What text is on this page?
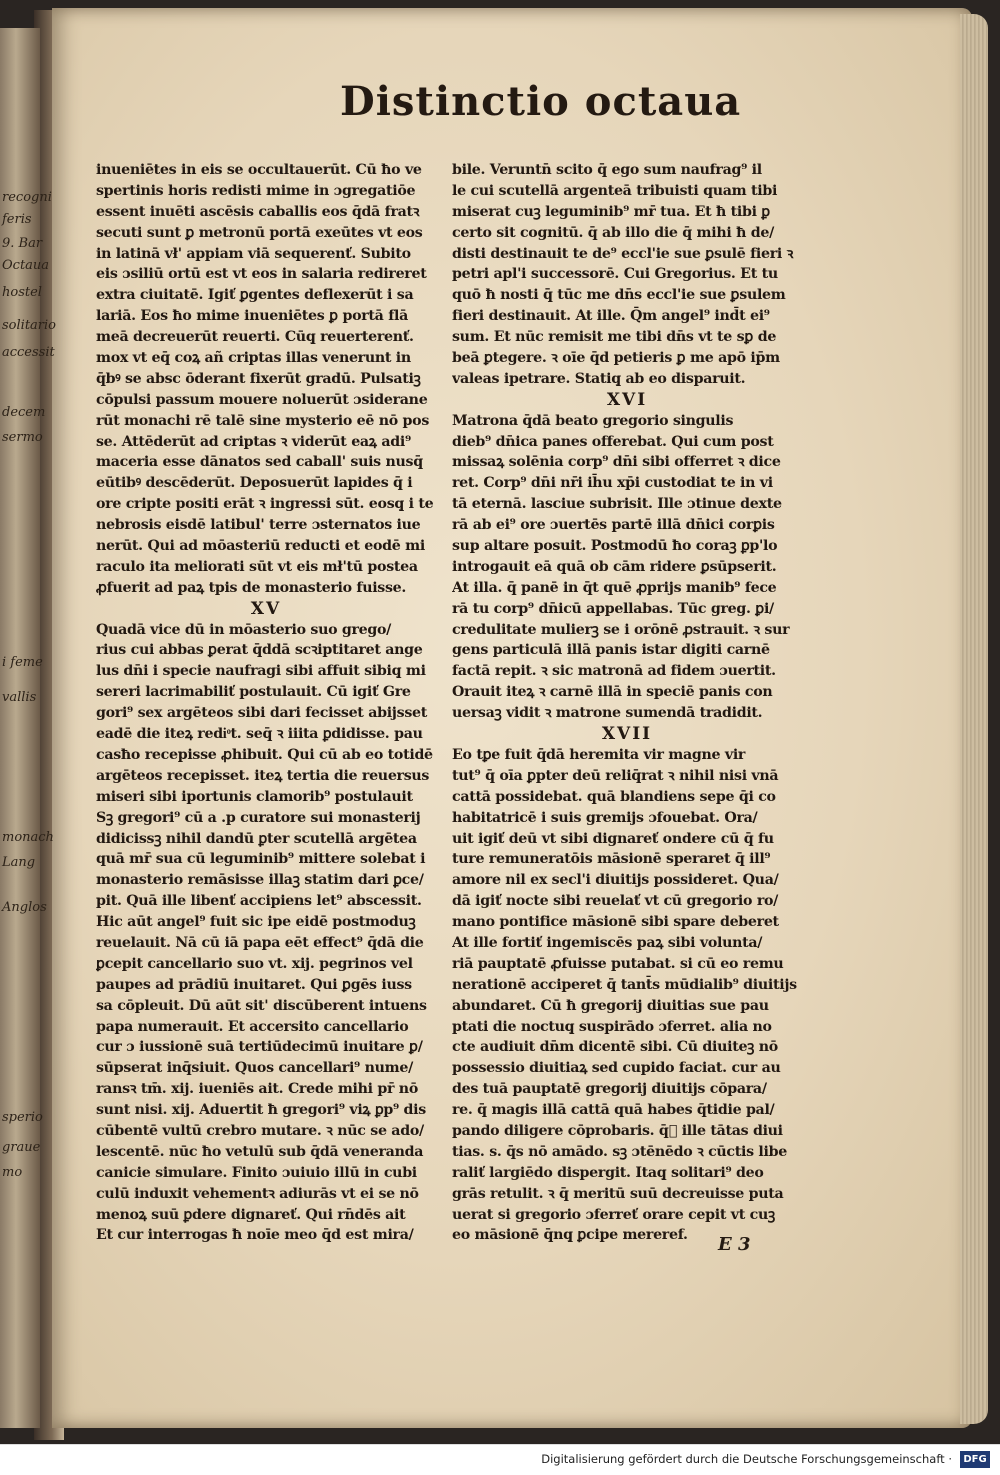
Distinctio octaua
inueniētes in eis se occultauerūt. Cū ħo ve
spertinis horis redisti mime in ɔgregatiōe
essent inuēti ascēsis caballis eos q̄dā fratꝛ
secuti sunt ꝑ metronū portā exeūtes vt eos
in latinā vł' appiam viā sequerenť. Subito
eis ɔsiliū ortū est vt eos in salaria redireret
extra ciuitatē. Igiť ꝑgentes deflexerūt i sa
lariā. Eos ħo mime inueniētes ꝑ portā flā
meā decreuerūt reuerti. Cūq̧ reuerterenť.
mox vt eq̄ coꝝ añ criptas illas venerunt in
q̄bꝰ se absc ōderant fixerūt gradū. Pulsatiꝫ
cōpulsi passum mouere noluerūt ɔsiderane
rūt monachi rē talē sine mysterio eē nō pos
se. Attēderūt ad criptas ꝛ viderūt eaꝝ adi⁹
maceria esse dānatos sed caball' suis nusq̄
eūtibꝰ descēderūt. Deposuerūt lapides q̄ i
ore cripte positi erāt ꝛ ingressi sūt. eosq̧ i te
nebrosis eisdē latibul' terre ɔsternatos iue
nerūt. Qui ad mōasteriū reducti et eodē mi
raculo ita meliorati sūt vt eis mł'tū postea
ꝓfuerit ad paꝝ tpis de monasterio fuisse.
XV
Quadā vice dū in mōasterio suo grego/
rius cui abbas ꝑerat q̄ddā scꝛiptitaret ange
lus dn̄i i specie naufragi sibi affuit sibiq̧ mi
sereri lacrimabiliť postulauit. Cū igiť Gre
gori⁹ sex argēteos sibi dari fecisset abijsset
eadē die iteꝝ rediͦt. seq̄ ꝛ iiita ꝑdidisse. pau
casħo recepisse ꝓhibuit. Qui cū ab eo totidē
argēteos recepisset. iteꝝ tertia die reuersus
miseri sibi iportunis clamorib⁹ postulauit
Sꝫ gregori⁹ cū a .p curatore sui monasterij
didicissꝫ nihil dandū ꝑter scutellā argētea
quā mr̄ sua cū leguminib⁹ mittere solebat i
monasterio remāsisse illaꝫ statim dari ꝑce/
pit. Quā ille libenť accipiens let⁹ abscessit.
Hic aūt angel⁹ fuit sic ipe eidē postmoduꝫ
reuelauit. Nā cū iā papa eēt effect⁹ q̄dā die
ꝑcepit cancellario suo vt. xij. pegrinos vel
paupes ad prādiū inuitaret. Qui ꝑgēs iuss
sa cōpleuit. Dū aūt sit' discūberent intuens
papa numerauit. Et accersito cancellario
cur ɔ iussionē suā tertiūdecimū inuitare ꝑ/
sūpserat inq̄siuit. Quos cancellari⁹ nume/
ransꝛ tm̄. xij. iueniēs ait. Crede mihi pr̄ nō
sunt nisi. xij. Aduertit ħ gregori⁹ viꝝ ꝑp⁹ dis
cūbentē vultū crebro mutare. ꝛ nūc se ado/
lescentē. nūc ħo vetulū sub q̄dā veneranda
canicie simulare. Finito ɔuiuio illū in cubi
culū induxit vehementꝛ adiurās vt ei se nō
menoꝝ suū ꝑdere dignareť. Qui rn̄dēs ait
Et cur interrogas ħ noīe meo q̄d est mira/
bile. Veruntn̄ scito q̄ ego sum naufrag⁹ il
le cui scutellā argenteā tribuisti quam tibi
miserat cuꝫ leguminib⁹ mr̄ tua. Et ħ tibi ꝑ
certo sit cognitū. q̄ ab illo die q̄ mihi ħ de/
disti destinauit te de⁹ eccl'ie sue ꝑsulē fieri ꝛ
petri apl'i successorē. Cui Gregorius. Et tu
quō ħ nosti q̄ tūc me dn̄s eccl'ie sue ꝑsulem
fieri destinauit. At ille. Q̄m angel⁹ ind̄t ei⁹
sum. Et nūc remisit me tibi dn̄s vt te sꝑ de
beā ꝑtegere. ꝛ oīe q̄d petieris ꝑ me apō ip̄m
valeas ipetrare. Statiq̧ ab eo disparuit.
XVI
Matrona q̄dā beato gregorio singulis
dieb⁹ dn̄ica panes offerebat. Qui cum post
missaꝝ solēnia corp⁹ dn̄i sibi offerret ꝛ dice
ret. Corp⁹ dn̄i nr̄i ih̄u xp̄i custodiat te in vi
tā eternā. lasciue subrisit. Ille ɔtinue dexte
rā ab ei⁹ ore ɔuertēs partē illā dn̄ici corꝑis
sup altare posuit. Postmodū ħo coraꝫ ꝑp'lo
introgauit eā quā ob cām ridere ꝑsūpserit.
At illa. q̄ panē in q̄t quē ꝓprijs manib⁹ fece
rā tu corp⁹ dn̄icū appellabas. Tūc greg. ꝑi/
credulitate mulierꝫ se i orōnē ꝓstrauit. ꝛ sur
gens particulā illā panis istar digiti carnē
factā repit. ꝛ sic matronā ad fidem ɔuertit.
Orauit iteꝝ ꝛ carnē illā in speciē panis con
uersaꝫ vidit ꝛ matrone sumendā tradidit.
XVII
Eo tꝑe fuit q̄dā heremita vir magne vir
tut⁹ q̄ oīa ꝑpter deū reliq̄rat ꝛ nihil nisi vnā
cattā possidebat. quā blandiens sepe q̄i co
habitatricē i suis gremijs ɔfouebat. Ora/
uit igiť deū vt sibi dignareť ondere cū q̄ fu
ture remuneratōis māsionē speraret q̄ ill⁹
amore nil ex secl'i diuitijs possideret. Qua/
dā igiť nocte sibi reuelať vt cū gregorio ro/
mano pontifice māsionē sibi spare deberet
At ille fortiť ingemiscēs paꝝ sibi volunta/
riā pauptatē ꝓfuisse putabat. si cū eo remu
nerationē acciperet q̄ tant̄s mūdialib⁹ diuitijs
abundaret. Cū ħ gregorij diuitias sue pau
ptati die noctuq̧ suspirādo ɔferret. alia no
cte audiuit dn̄m dicentē sibi. Cū diuiteꝫ nō
possessio diuitiaꝝ sed cupido faciat. cur au
des tuā pauptatē gregorij diuitijs cōpara/
re. q̄ magis illā cattā quā habes q̄tidie pal/
pando diligere cōprobaris. q̄ᷓ ille tātas diui
tias. s. q̄s nō amādo. sꝫ ɔtēnēdo ꝛ cūctis libe
raliť largiēdo dispergit. Itaq̧ solitari⁹ deo
grās retulit. ꝛ q̄ meritū suū decreuisse puta
uerat si gregorio ɔferreť orare cepit vt cuꝫ
eo māsionē q̄nq̧ ꝑcipe mereref.	E 3
recogni
feris
9. Bar
Octaua
hostel
solitario
accessit
decem
sermo
i feme
vallis
monach
Lang
Anglos
sperio
graue
mo
Digitalisierung gefördert durch die Deutsche Forschungsgemeinschaft ·	DFG
